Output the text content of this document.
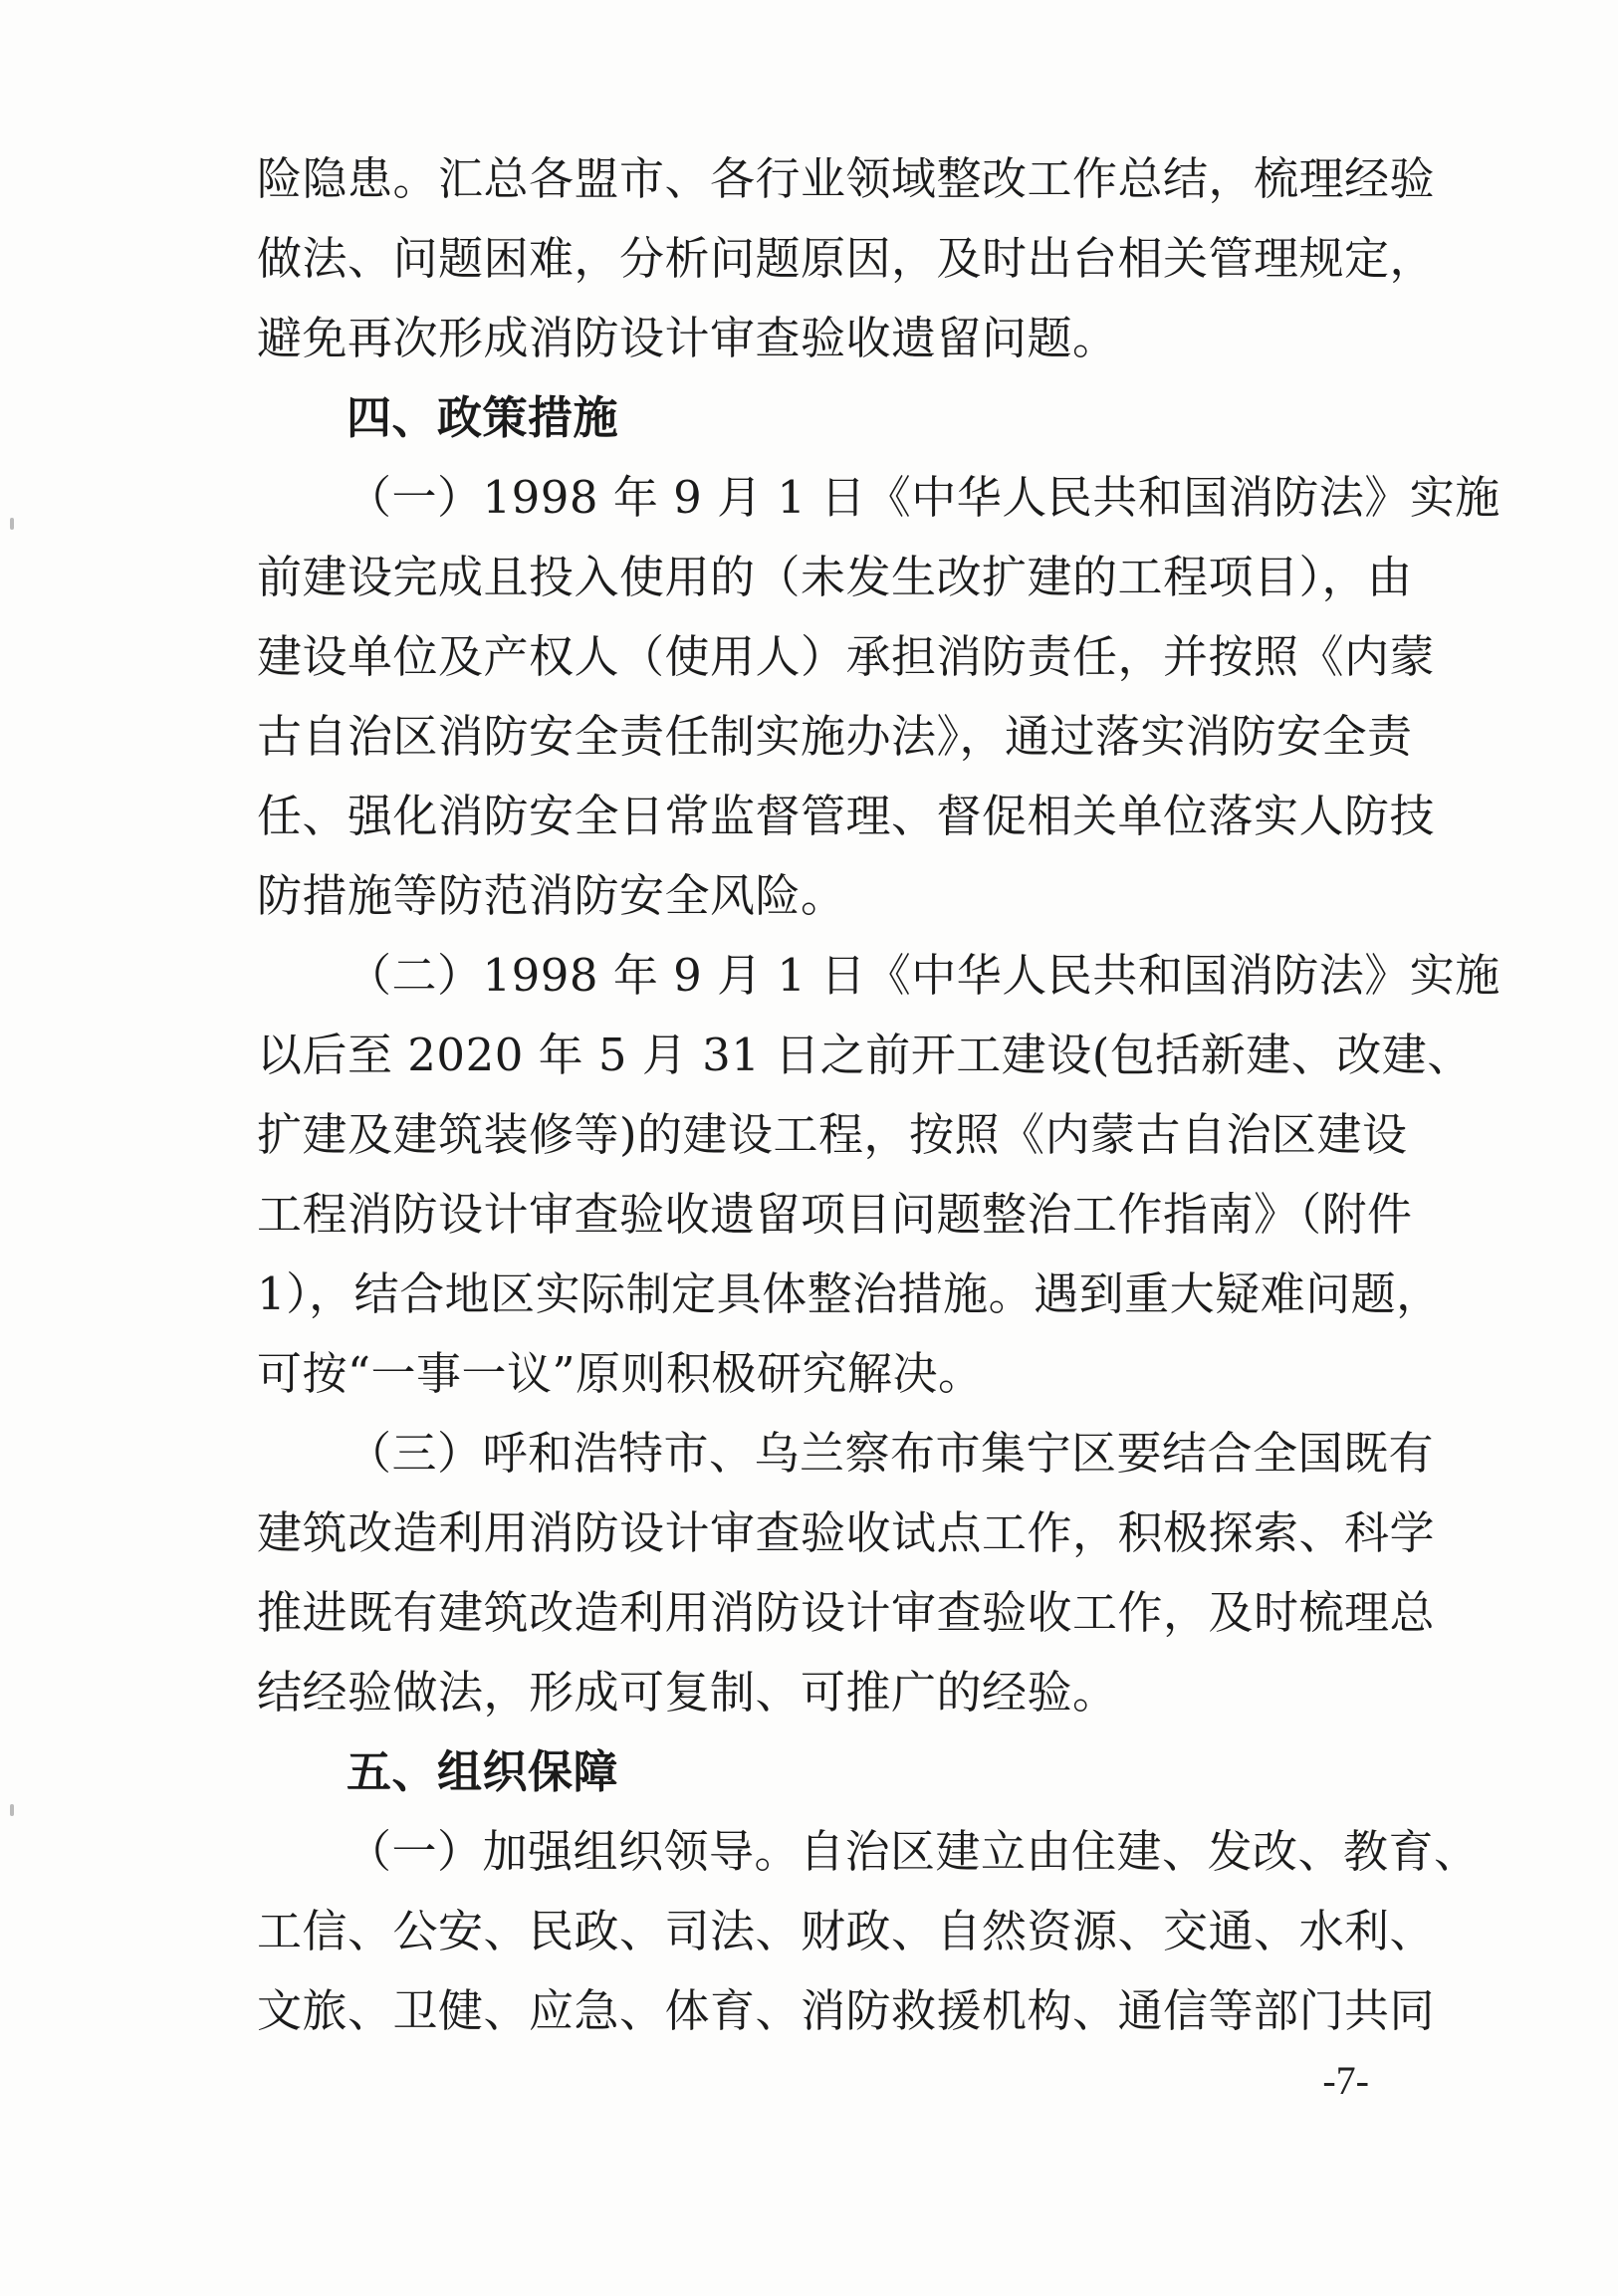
险隐患。汇总各盟市、各行业领域整改工作总结，梳理经验
做法、问题困难，分析问题原因，及时出台相关管理规定，
避免再次形成消防设计审查验收遗留问题。
四、政策措施
（一）1998 年 9 月 1 日《中华人民共和国消防法》实施
前建设完成且投入使用的（未发生改扩建的工程项目），由
建设单位及产权人（使用人）承担消防责任，并按照《内蒙
古自治区消防安全责任制实施办法》，通过落实消防安全责
任、强化消防安全日常监督管理、督促相关单位落实人防技
防措施等防范消防安全风险。
（二）1998 年 9 月 1 日《中华人民共和国消防法》实施
以后至 2020 年 5 月 31 日之前开工建设(包括新建、改建、
扩建及建筑装修等)的建设工程，按照《内蒙古自治区建设
工程消防设计审查验收遗留项目问题整治工作指南》（附件
1），结合地区实际制定具体整治措施。遇到重大疑难问题，
可按“一事一议”原则积极研究解决。
（三）呼和浩特市、乌兰察布市集宁区要结合全国既有
建筑改造利用消防设计审查验收试点工作，积极探索、科学
推进既有建筑改造利用消防设计审查验收工作，及时梳理总
结经验做法，形成可复制、可推广的经验。
五、组织保障
（一）加强组织领导。自治区建立由住建、发改、教育、
工信、公安、民政、司法、财政、自然资源、交通、水利、
文旅、卫健、应急、体育、消防救援机构、通信等部门共同
-7-
